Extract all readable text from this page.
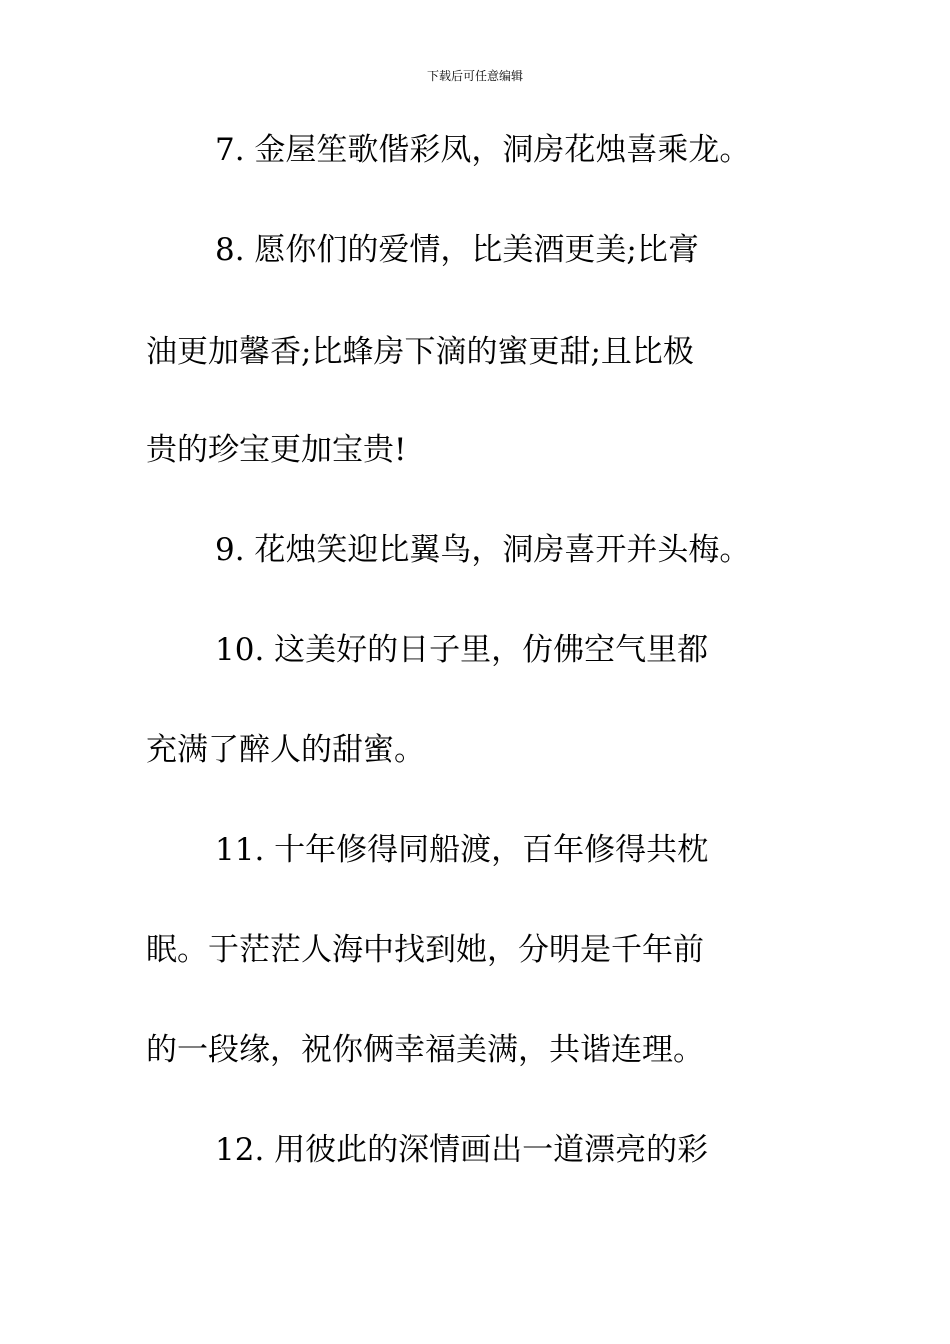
下载后可任意编辑
7. 金屋笙歌偕彩凤，洞房花烛喜乘龙。
8. 愿你们的爱情，比美酒更美;比膏
油更加馨香;比蜂房下滴的蜜更甜;且比极
贵的珍宝更加宝贵!
9. 花烛笑迎比翼鸟，洞房喜开并头梅。
10. 这美好的日子里，仿佛空气里都
充满了醉人的甜蜜。
11. 十年修得同船渡，百年修得共枕
眠。于茫茫人海中找到她，分明是千年前
的一段缘，祝你俩幸福美满，共谐连理。
12. 用彼此的深情画出一道漂亮的彩
